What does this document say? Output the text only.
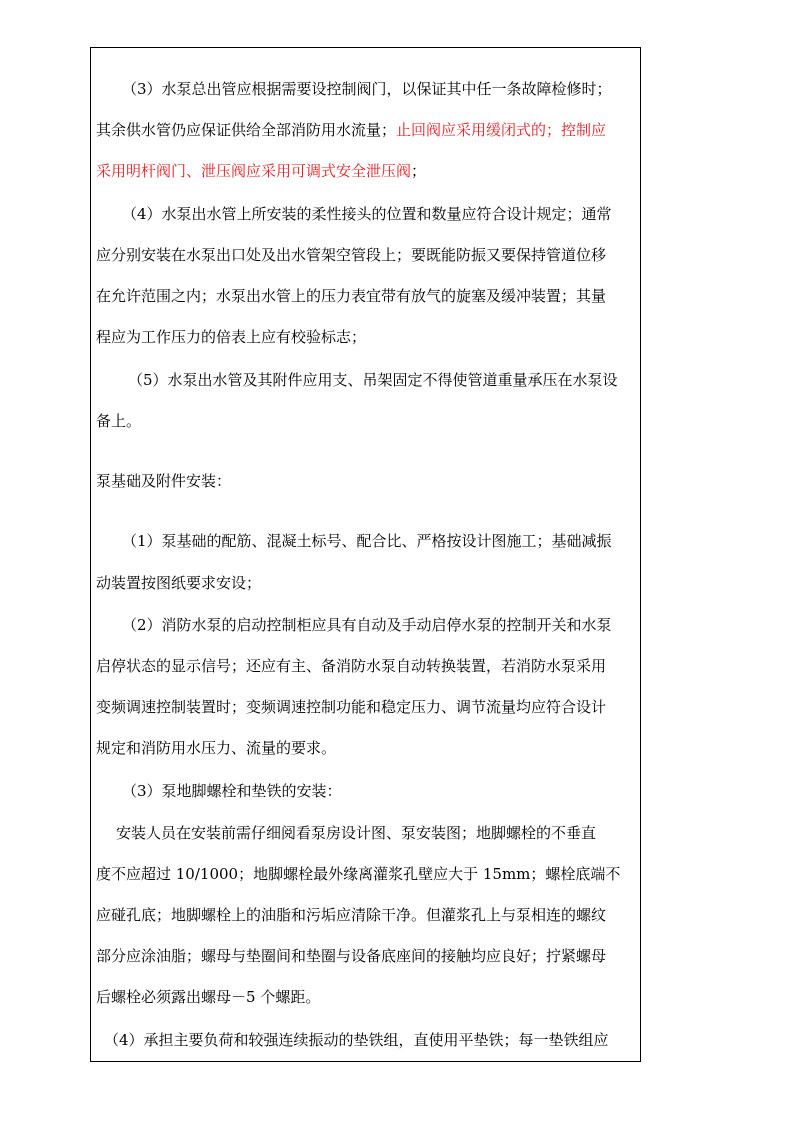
（3）水泵总出管应根据需要设控制阀门，以保证其中任一条故障检修时；
其余供水管仍应保证供给全部消防用水流量；止回阀应采用缓闭式的；控制应
采用明杆阀门、泄压阀应采用可调式安全泄压阀；
（4）水泵出水管上所安装的柔性接头的位置和数量应符合设计规定；通常
应分别安装在水泵出口处及出水管架空管段上；要既能防振又要保持管道位移
在允许范围之内；水泵出水管上的压力表宜带有放气的旋塞及缓冲装置；其量
程应为工作压力的倍表上应有校验标志；
（5）水泵出水管及其附件应用支、吊架固定不得使管道重量承压在水泵设
备上。
泵基础及附件安装：
（1）泵基础的配筋、混凝土标号、配合比、严格按设计图施工；基础减振
动装置按图纸要求安设；
（2）消防水泵的启动控制柜应具有自动及手动启停水泵的控制开关和水泵
启停状态的显示信号；还应有主、备消防水泵自动转换装置，若消防水泵采用
变频调速控制装置时；变频调速控制功能和稳定压力、调节流量均应符合设计
规定和消防用水压力、流量的要求。
（3）泵地脚螺栓和垫铁的安装：
安装人员在安装前需仔细阅看泵房设计图、泵安装图；地脚螺栓的不垂直
度不应超过 10/1000；地脚螺栓最外缘离灌浆孔壁应大于 15mm；螺栓底端不
应碰孔底；地脚螺栓上的油脂和污垢应清除干净。但灌浆孔上与泵相连的螺纹
部分应涂油脂；螺母与垫圈间和垫圈与设备底座间的接触均应良好；拧紧螺母
后螺栓必须露出螺母－5 个螺距。
（4）承担主要负荷和较强连续振动的垫铁组，直使用平垫铁；每一垫铁组应
